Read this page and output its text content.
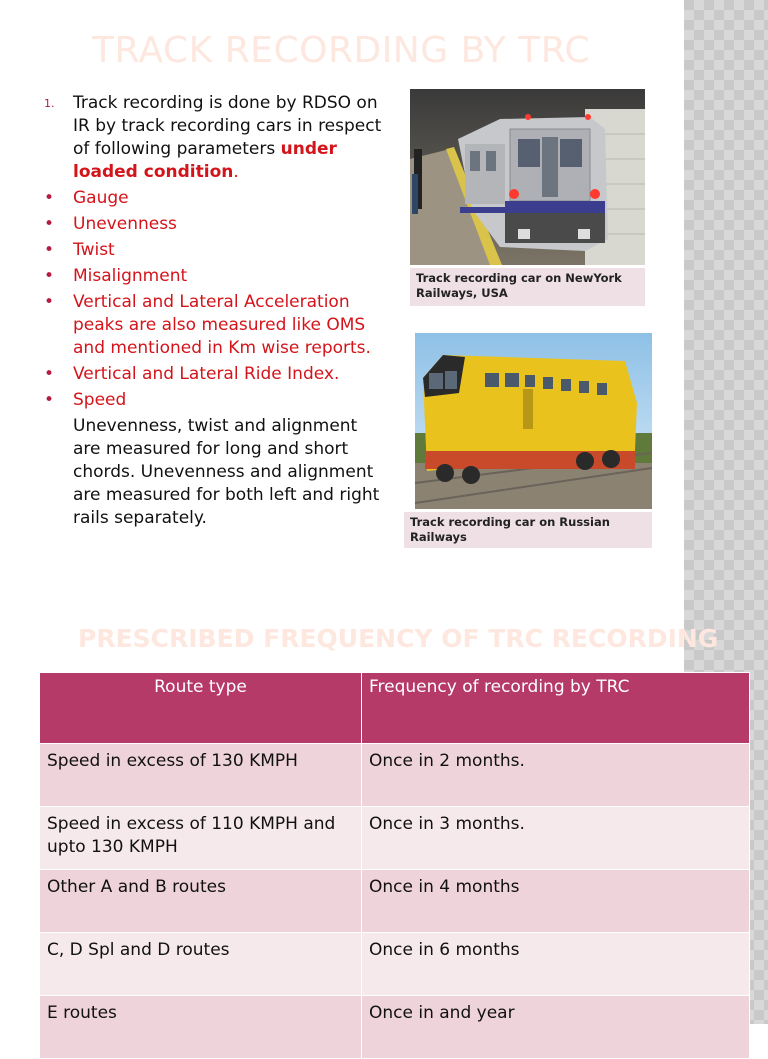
TRACK RECORDING BY TRC
1. Track recording is done by RDSO on IR by track recording cars in respect of following parameters under loaded condition.
• Gauge
• Unevenness
• Twist
• Misalignment
• Vertical and Lateral Acceleration peaks are also measured like OMS and mentioned in Km wise reports.
• Vertical and Lateral Ride Index.
• Speed

Unevenness, twist and alignment are measured for long and short chords. Unevenness and alignment are measured for both left and right rails separately.

Track recording car on NewYork Railways, USA
Track recording car on Russian Railways
PRESCRIBED FREQUENCY OF TRC RECORDING
Route type	Frequency of recording by TRC
Speed in excess of 130 KMPH	Once in 2 months.
Speed in excess of 110 KMPH and upto 130 KMPH	Once in 3 months.
Other A and B routes	Once in 4 months
C, D Spl and D routes	Once in 6 months
E routes	Once in and year
